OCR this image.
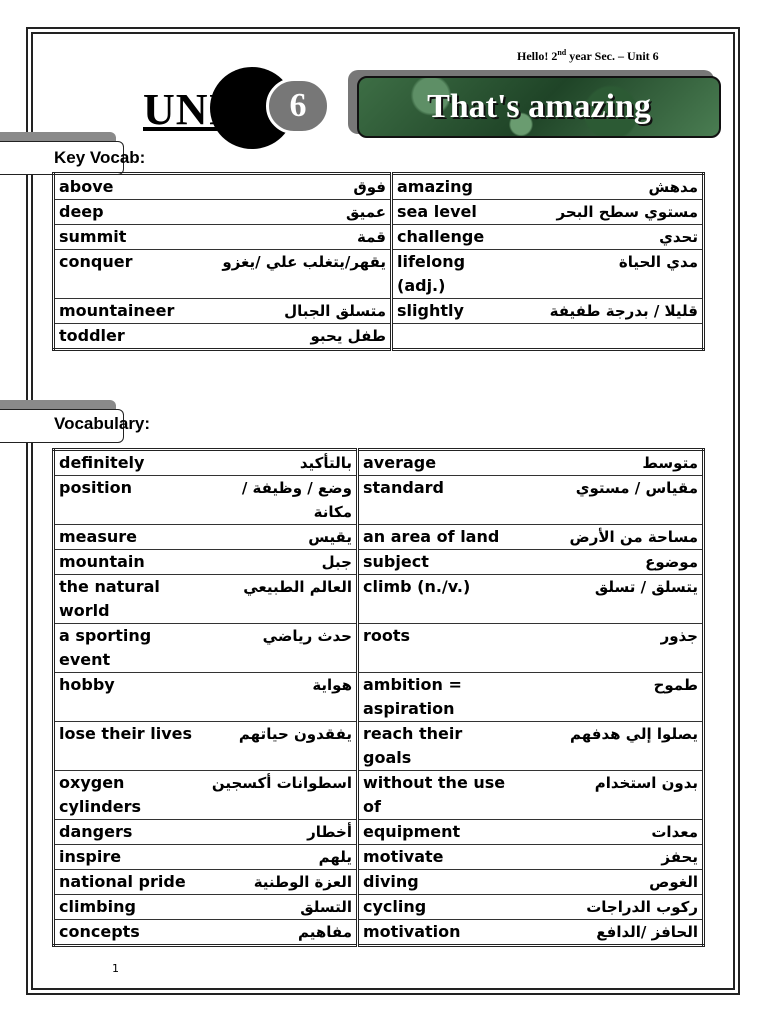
Hello! 2nd year Sec. – Unit 6
UNIT 6	That's amazing
Key Vocab:
above	فوق	amazing	مدهش
deep	عميق	sea level	مستوي سطح البحر
summit	قمة	challenge	تحدي
conquer	يقهر/يتغلب علي /يغزو	lifelong (adj.)	مدي الحياة
mountaineer	متسلق الجبال	slightly	قليلا / بدرجة طفيفة
toddler	طفل يحبو		
Vocabulary:
definitely	بالتأكيد	average	متوسط
position	وضع / وظيفة / مكانة	standard	مقياس / مستوي
measure	يقيس	an area of land	مساحة من الأرض
mountain	جبل	subject	موضوع
the natural world	العالم الطبيعي	climb (n./v.)	يتسلق / تسلق
a sporting event	حدث رياضي	roots	جذور
hobby	هواية	ambition = aspiration	طموح
lose their lives	يفقدون حياتهم	reach their goals	يصلوا إلي هدفهم
oxygen cylinders	اسطوانات أكسجين	without the use of	بدون استخدام
dangers	أخطار	equipment	معدات
inspire	يلهم	motivate	يحفز
national pride	العزة الوطنية	diving	الغوص
climbing	التسلق	cycling	ركوب الدراجات
concepts	مفاهيم	motivation	الحافز /الدافع
1
